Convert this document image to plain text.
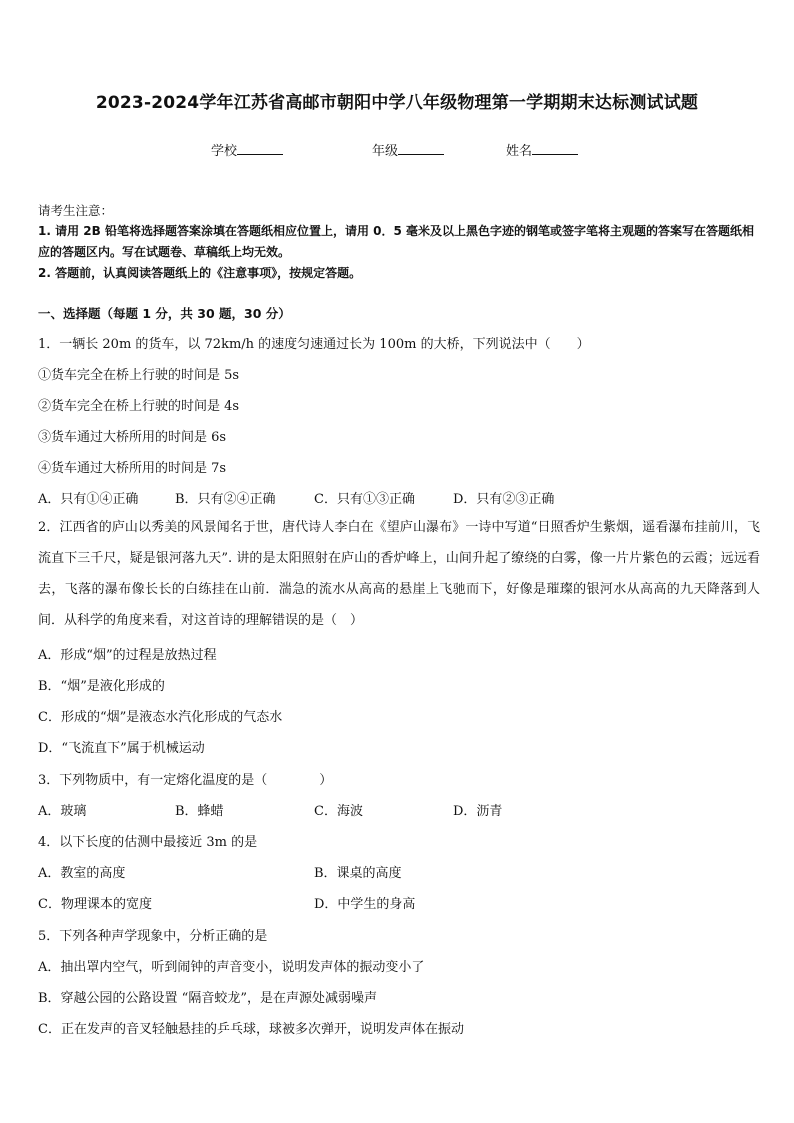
2023-2024学年江苏省高邮市朝阳中学八年级物理第一学期期末达标测试试题
学校	年级	姓名
请考生注意：
1. 请用 2B 铅笔将选择题答案涂填在答题纸相应位置上，请用 0．5 毫米及以上黑色字迹的钢笔或签字笔将主观题的答案写在答题纸相应的答题区内。写在试题卷、草稿纸上均无效。
2. 答题前，认真阅读答题纸上的《注意事项》，按规定答题。
一、选择题（每题 1 分，共 30 题，30 分）
1．一辆长 20m 的货车，以 72km/h 的速度匀速通过长为 100m 的大桥，下列说法中（　　）
①货车完全在桥上行驶的时间是 5s
②货车完全在桥上行驶的时间是 4s
③货车通过大桥所用的时间是 6s
④货车通过大桥所用的时间是 7s
A．只有①④正确	B．只有②④正确	C．只有①③正确	D．只有②③正确
2．江西省的庐山以秀美的风景闻名于世，唐代诗人李白在《望庐山瀑布》一诗中写道“日照香炉生紫烟，遥看瀑布挂前川，飞流直下三千尺，疑是银河落九天”. 讲的是太阳照射在庐山的香炉峰上，山间升起了缭绕的白雾，像一片片紫色的云霞；远远看去，飞落的瀑布像长长的白练挂在山前．湍急的流水从高高的悬崖上飞驰而下，好像是璀璨的银河水从高高的九天降落到人间．从科学的角度来看，对这首诗的理解错误的是（　）
A．形成“烟”的过程是放热过程
B．“烟”是液化形成的
C．形成的“烟”是液态水汽化形成的气态水
D．“飞流直下”属于机械运动
3．下列物质中，有一定熔化温度的是（　　　　）
A．玻璃	B．蜂蜡	C．海波	D．沥青
4．以下长度的估测中最接近 3m 的是
A．教室的高度	B．课桌的高度
C．物理课本的宽度	D．中学生的身高
5．下列各种声学现象中，分析正确的是
A．抽出罩内空气，听到闹钟的声音变小，说明发声体的振动变小了
B．穿越公园的公路设置 “隔音蛟龙”，是在声源处减弱噪声
C．正在发声的音叉轻触悬挂的乒乓球，球被多次弹开，说明发声体在振动
